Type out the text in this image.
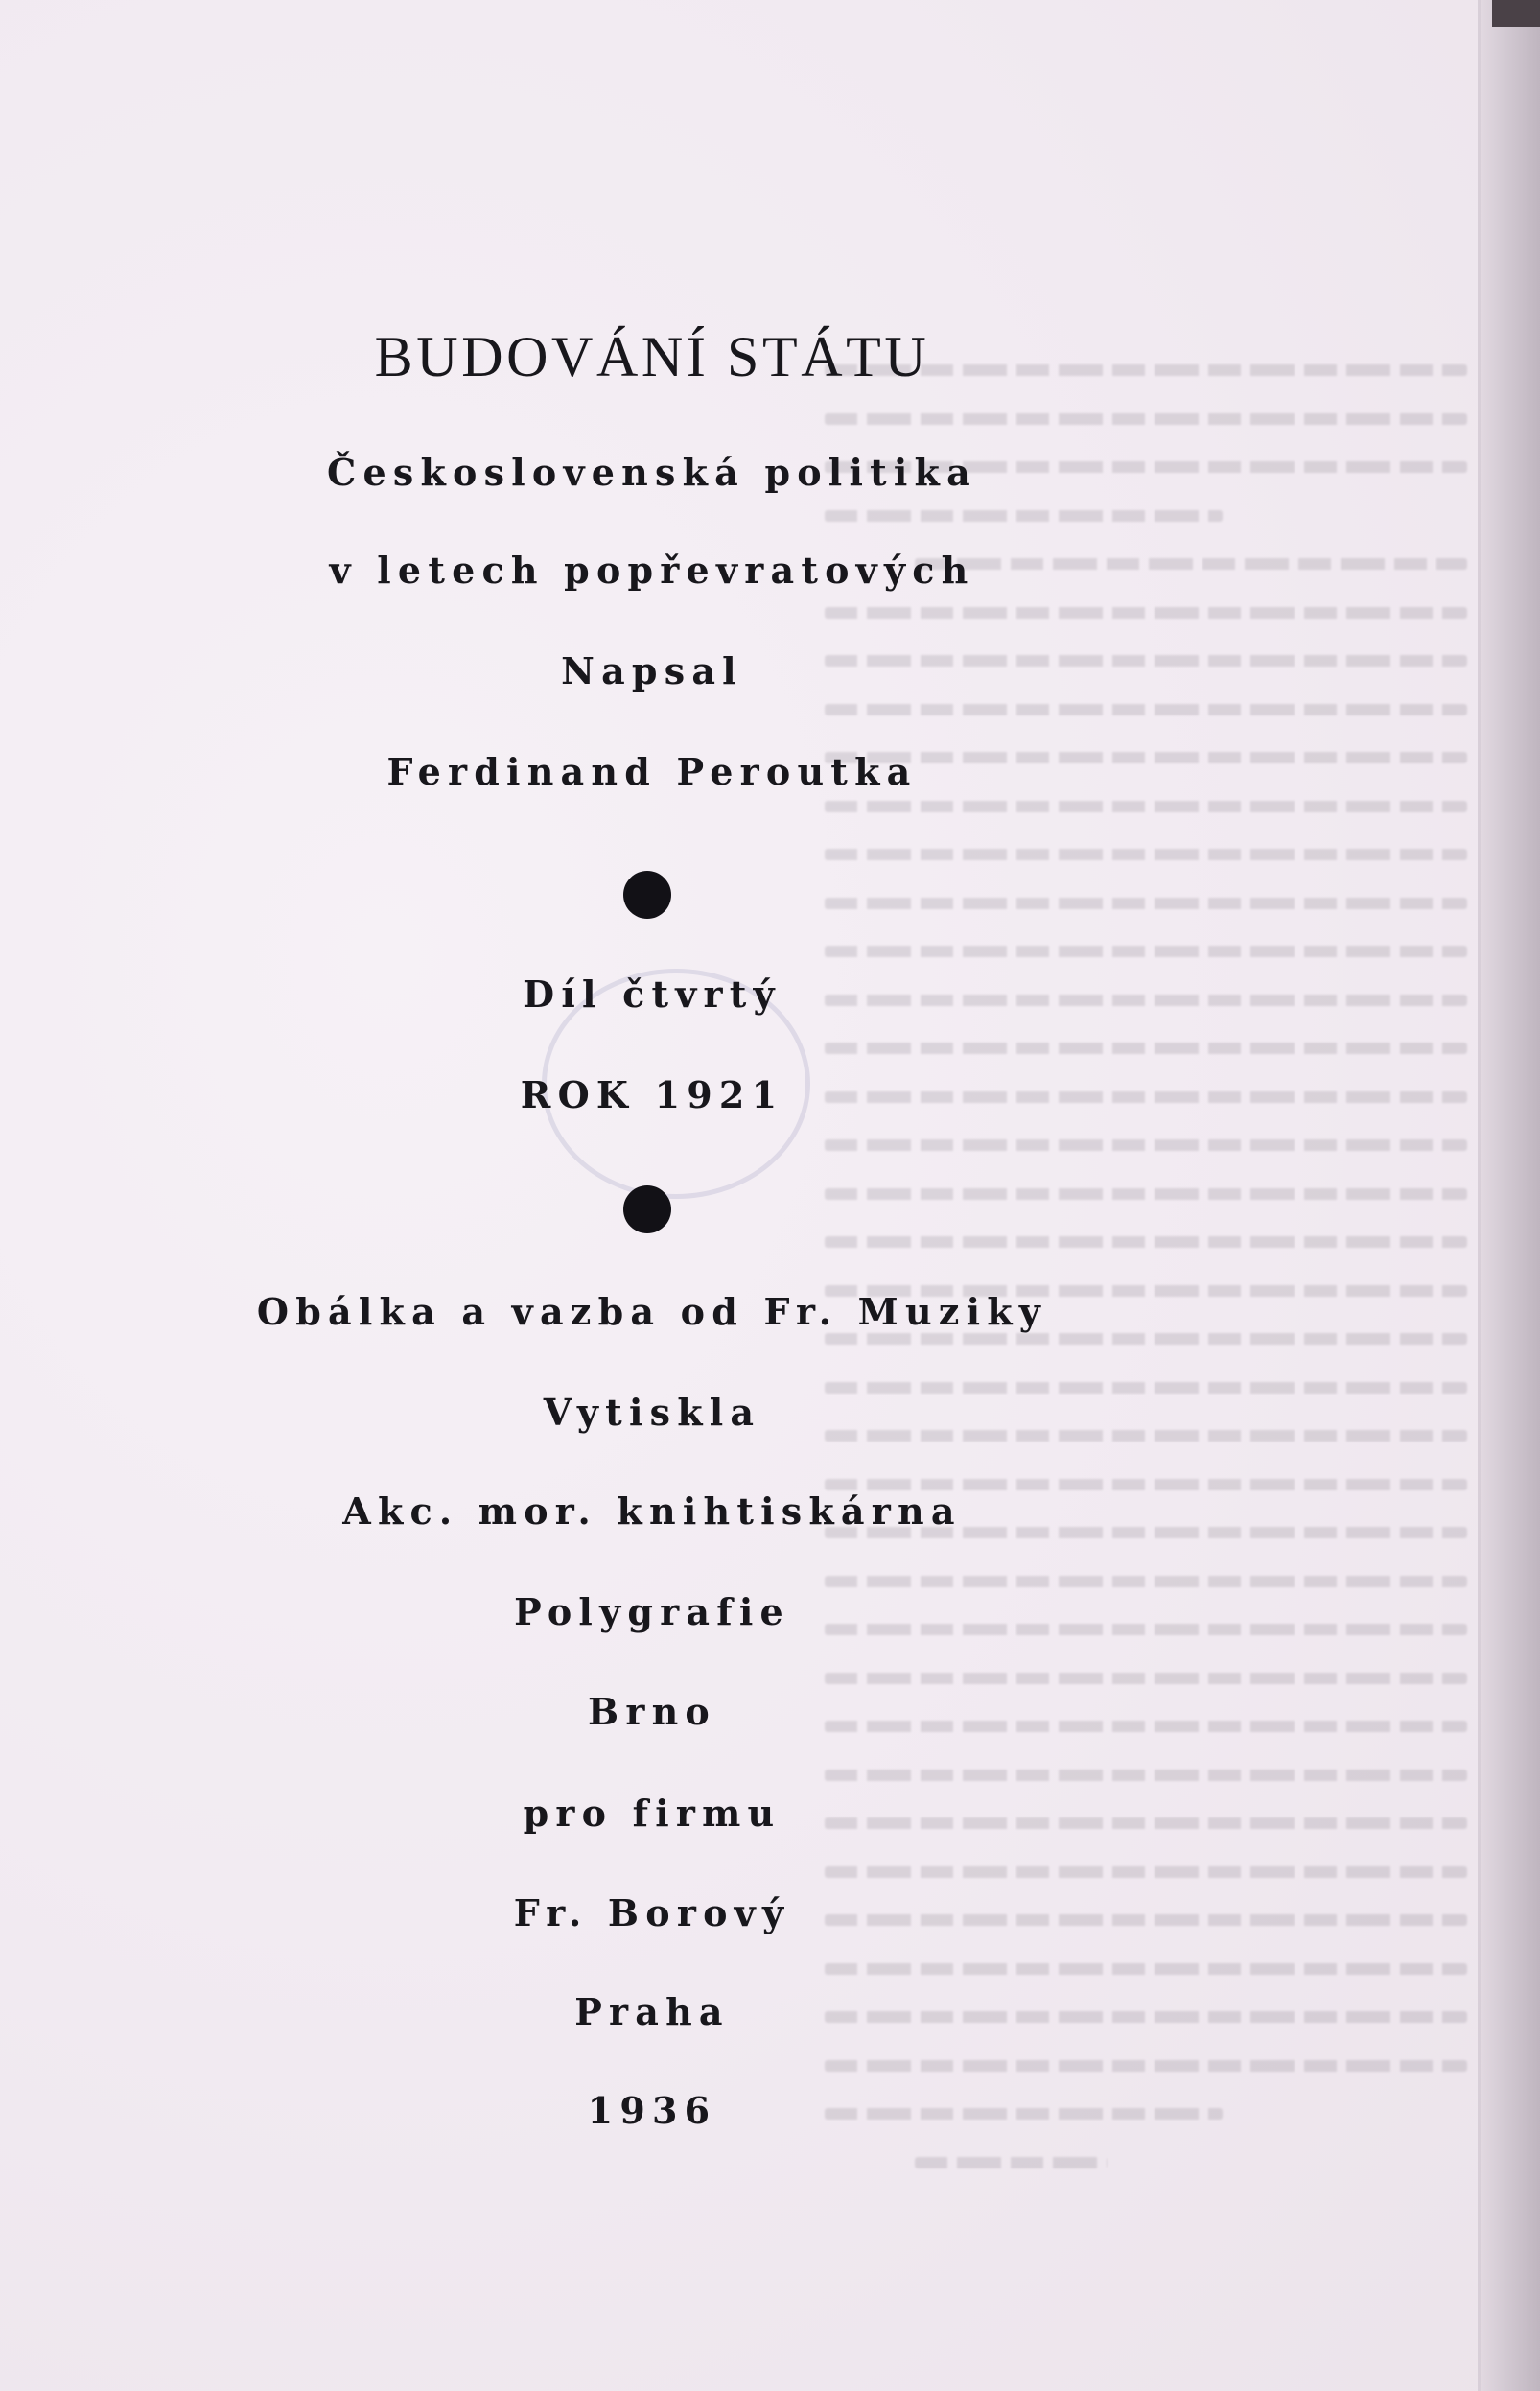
BUDOVÁNÍ STÁTU
Československá politika
v letech popřevratových
Napsal
Ferdinand Peroutka
Díl čtvrtý
ROK 1921
Obálka a vazba od Fr. Muziky
Vytiskla
Akc. mor. knihtiskárna
Polygrafie
Brno
pro firmu
Fr. Borový
Praha
1936
